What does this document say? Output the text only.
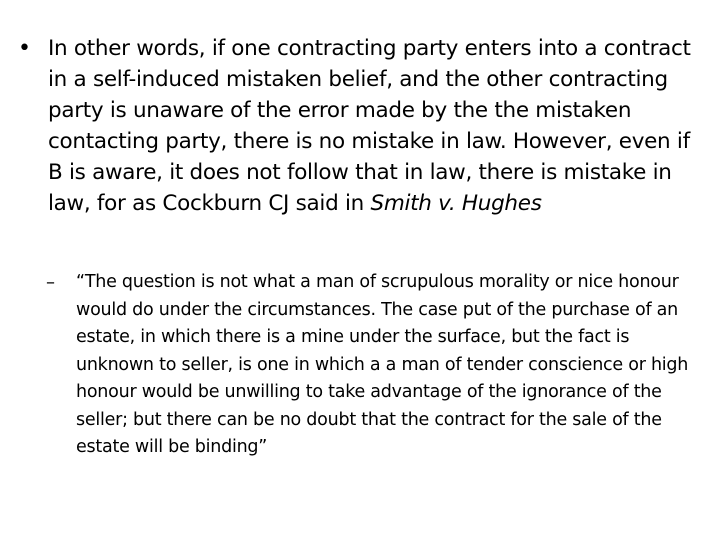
• In other words, if one contracting party enters into a contract in a self-induced mistaken belief, and the other contracting party is unaware of the error made by the the mistaken contacting party, there is no mistake in law. However, even if B is aware, it does not follow that in law, there is mistake in law, for as Cockburn CJ said in Smith v. Hughes
–	“The question is not what a man of scrupulous morality or nice honour would do under the circumstances. The case put of the purchase of an estate, in which there is a mine under the surface, but the fact is unknown to seller, is one in which a a man of tender conscience or high honour would be unwilling to take advantage of the ignorance of the seller; but there can be no doubt that the contract for the sale of the estate will be binding”
